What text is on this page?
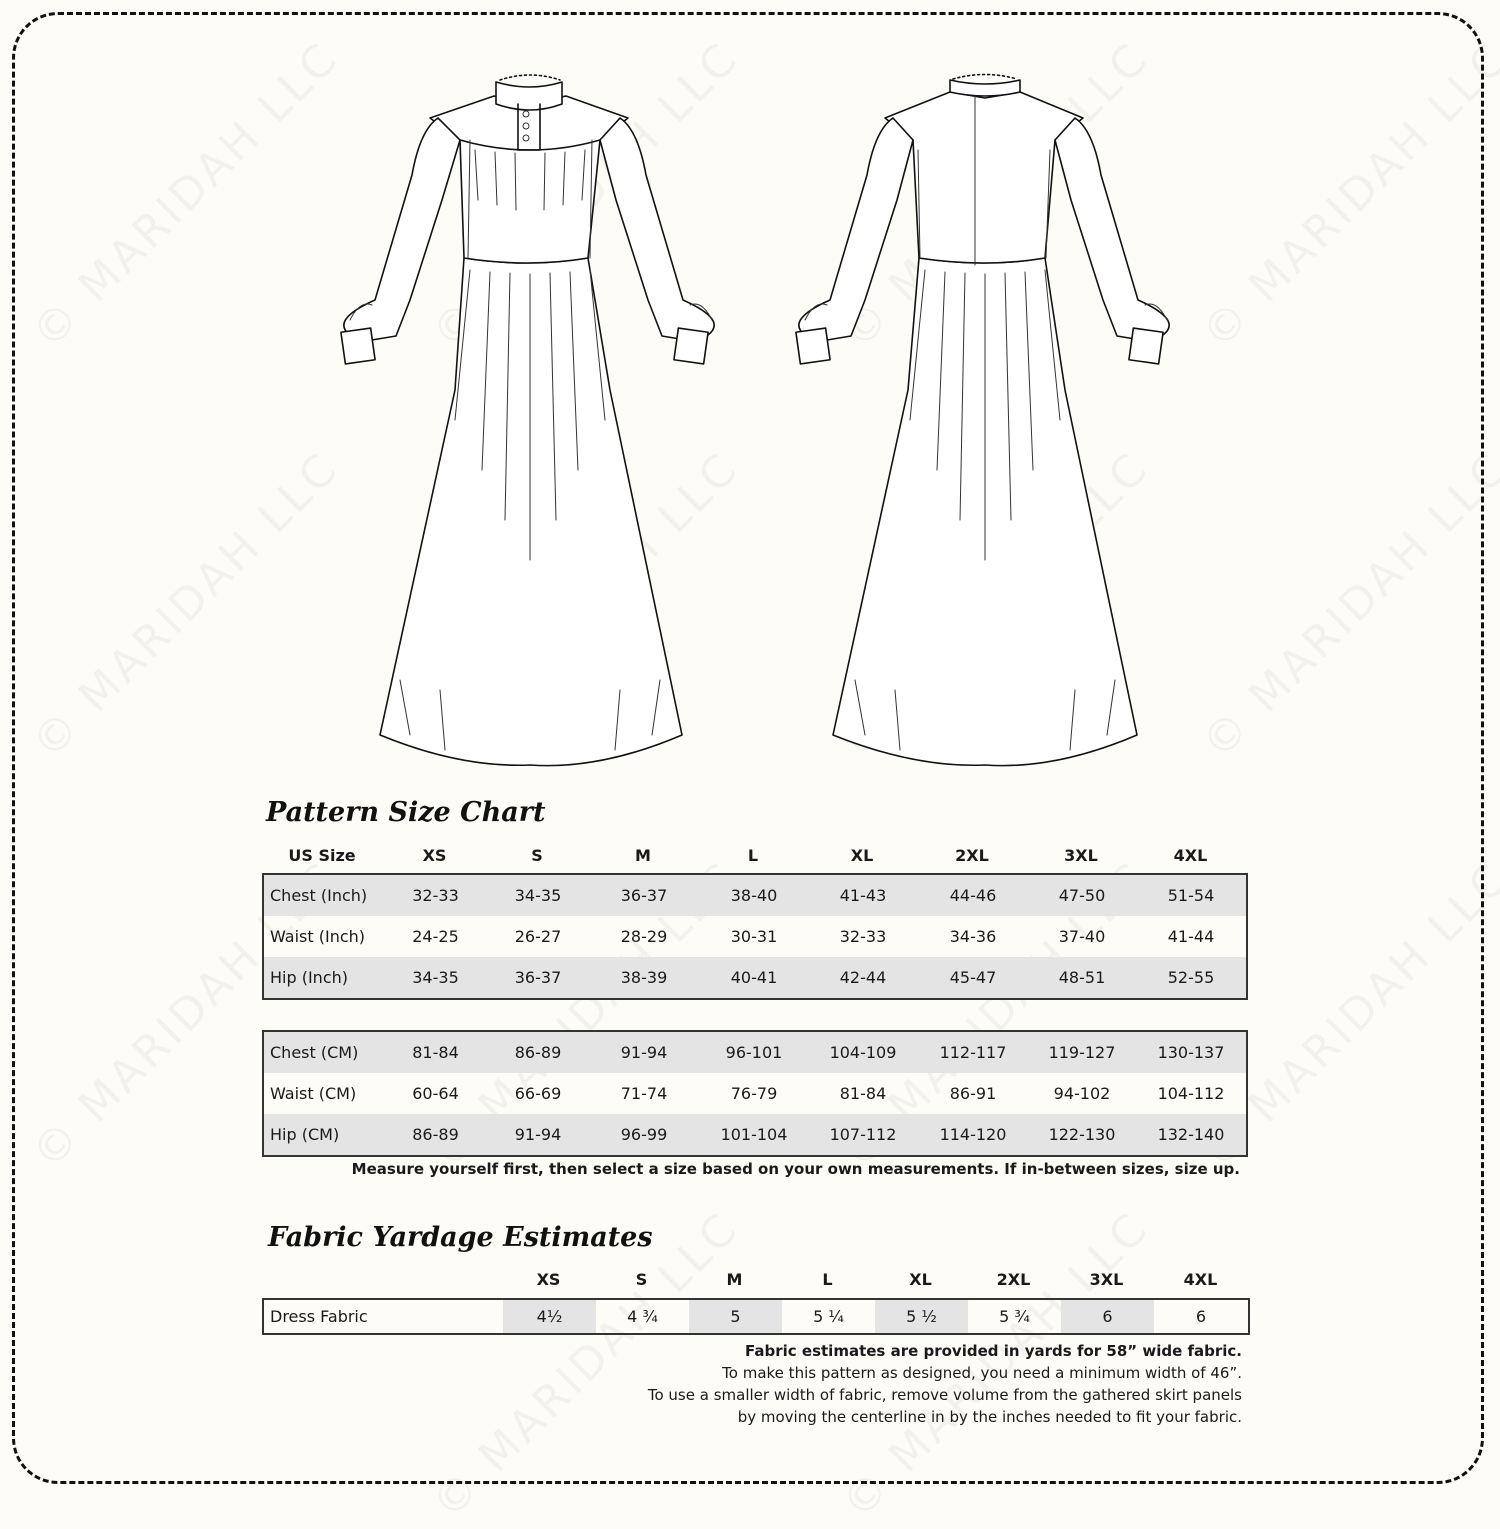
Pattern Size Chart
US Size	XS	S	M	L	XL	2XL	3XL	4XL
Chest (Inch)	32-33	34-35	36-37	38-40	41-43	44-46	47-50	51-54
Waist (Inch)	24-25	26-27	28-29	30-31	32-33	34-36	37-40	41-44
Hip (Inch)	34-35	36-37	38-39	40-41	42-44	45-47	48-51	52-55
Chest (CM)	81-84	86-89	91-94	96-101	104-109	112-117	119-127	130-137
Waist (CM)	60-64	66-69	71-74	76-79	81-84	86-91	94-102	104-112
Hip (CM)	86-89	91-94	96-99	101-104	107-112	114-120	122-130	132-140
Measure yourself first, then select a size based on your own measurements. If in-between sizes, size up.
Fabric Yardage Estimates
XS	S	M	L	XL	2XL	3XL	4XL
Dress Fabric	4½	4 ¾	5	5 ¼	5 ½	5 ¾	6	6
Fabric estimates are provided in yards for 58” wide fabric.
To make this pattern as designed, you need a minimum width of 46”.
To use a smaller width of fabric, remove volume from the gathered skirt panels
by moving the centerline in by the inches needed to fit your fabric.
